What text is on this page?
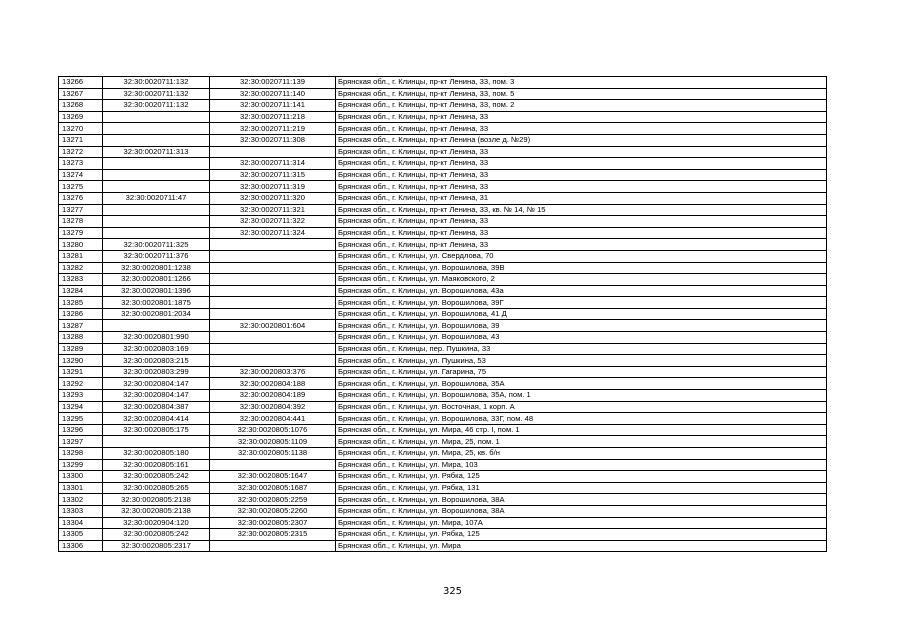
13266	32:30:0020711:132	32:30:0020711:139	Брянская обл., г. Клинцы, пр-кт Ленина, 33, пом. 3
13267	32:30:0020711:132	32:30:0020711:140	Брянская обл., г. Клинцы, пр-кт Ленина, 33, пом. 5
13268	32:30:0020711:132	32:30:0020711:141	Брянская обл., г. Клинцы, пр-кт Ленина, 33, пом. 2
13269		32:30:0020711:218	Брянская обл., г. Клинцы, пр-кт Ленина, 33
13270		32:30:0020711:219	Брянская обл., г. Клинцы, пр-кт Ленина, 33
13271		32:30:0020711:308	Брянская обл., г. Клинцы, пр-кт Ленина (возле д. №29)
13272	32:30:0020711:313		Брянская обл., г. Клинцы, пр-кт Ленина, 33
13273		32:30:0020711:314	Брянская обл., г. Клинцы, пр-кт Ленина, 33
13274		32:30:0020711:315	Брянская обл., г. Клинцы, пр-кт Ленина, 33
13275		32:30:0020711:319	Брянская обл., г. Клинцы, пр-кт Ленина, 33
13276	32:30:0020711:47	32:30:0020711:320	Брянская обл., г. Клинцы, пр-кт Ленина, 31
13277		32:30:0020711:321	Брянская обл., г. Клинцы, пр-кт Ленина, 33, кв. № 14, № 15
13278		32:30:0020711:322	Брянская обл., г. Клинцы, пр-кт Ленина, 33
13279		32:30:0020711:324	Брянская обл., г. Клинцы, пр-кт Ленина, 33
13280	32:30:0020711:325		Брянская обл., г. Клинцы, пр-кт Ленина, 33
13281	32:30:0020711:376		Брянская обл., г. Клинцы, ул. Свердлова, 70
13282	32:30:0020801:1238		Брянская обл., г. Клинцы, ул. Ворошилова, 39В
13283	32:30:0020801:1266		Брянская обл., г. Клинцы, ул. Маяковского, 2
13284	32:30:0020801:1396		Брянская обл., г. Клинцы, ул. Ворошилова, 43а
13285	32:30:0020801:1875		Брянская обл., г. Клинцы, ул. Ворошилова, 39Г
13286	32:30:0020801:2034		Брянская обл., г. Клинцы, ул. Ворошилова, 41 Д
13287		32:30:0020801:604	Брянская обл., г. Клинцы, ул. Ворошилова, 39
13288	32:30:0020801:990		Брянская обл., г. Клинцы, ул. Ворошилова, 43
13289	32:30:0020803:169		Брянская обл., г. Клинцы, пер. Пушкина, 33
13290	32:30:0020803:215		Брянская обл., г. Клинцы, ул. Пушкина, 53
13291	32:30:0020803:299	32:30:0020803:376	Брянская обл., г. Клинцы, ул. Гагарина, 75
13292	32:30:0020804:147	32:30:0020804:188	Брянская обл., г. Клинцы, ул. Ворошилова, 35А
13293	32:30:0020804:147	32:30:0020804:189	Брянская обл., г. Клинцы, ул. Ворошилова, 35А, пом. 1
13294	32:30:0020804:387	32:30:0020804:392	Брянская обл., г. Клинцы, ул. Восточная, 1 корп. А
13295	32:30:0020804:414	32:30:0020804:441	Брянская обл., г. Клинцы, ул. Ворошилова, 33Г, пом. 48
13296	32:30:0020805:175	32:30:0020805:1076	Брянская обл., г. Клинцы, ул. Мира, 46 стр. I, пом. 1
13297		32:30:0020805:1109	Брянская обл., г. Клинцы, ул. Мира, 25, пом. 1
13298	32:30:0020805:180	32:30:0020805:1138	Брянская обл., г. Клинцы, ул. Мира, 25, кв. б/н
13299	32:30:0020805:161		Брянская обл., г. Клинцы, ул. Мира, 103
13300	32:30:0020805:242	32:30:0020805:1647	Брянская обл., г. Клинцы, ул. Рябка, 125
13301	32:30:0020805:265	32:30:0020805:1687	Брянская обл., г. Клинцы, ул. Рябка, 131
13302	32:30:0020805:2138	32:30:0020805:2259	Брянская обл., г. Клинцы, ул. Ворошилова, 38А
13303	32:30:0020805:2138	32:30:0020805:2260	Брянская обл., г. Клинцы, ул. Ворошилова, 38А
13304	32:30:0020904:120	32:30:0020805:2307	Брянская обл., г. Клинцы, ул. Мира, 107А
13305	32:30:0020805:242	32:30:0020805:2315	Брянская обл., г. Клинцы, ул. Рябка, 125
13306	32:30:0020805:2317		Брянская обл., г. Клинцы, ул. Мира
325
